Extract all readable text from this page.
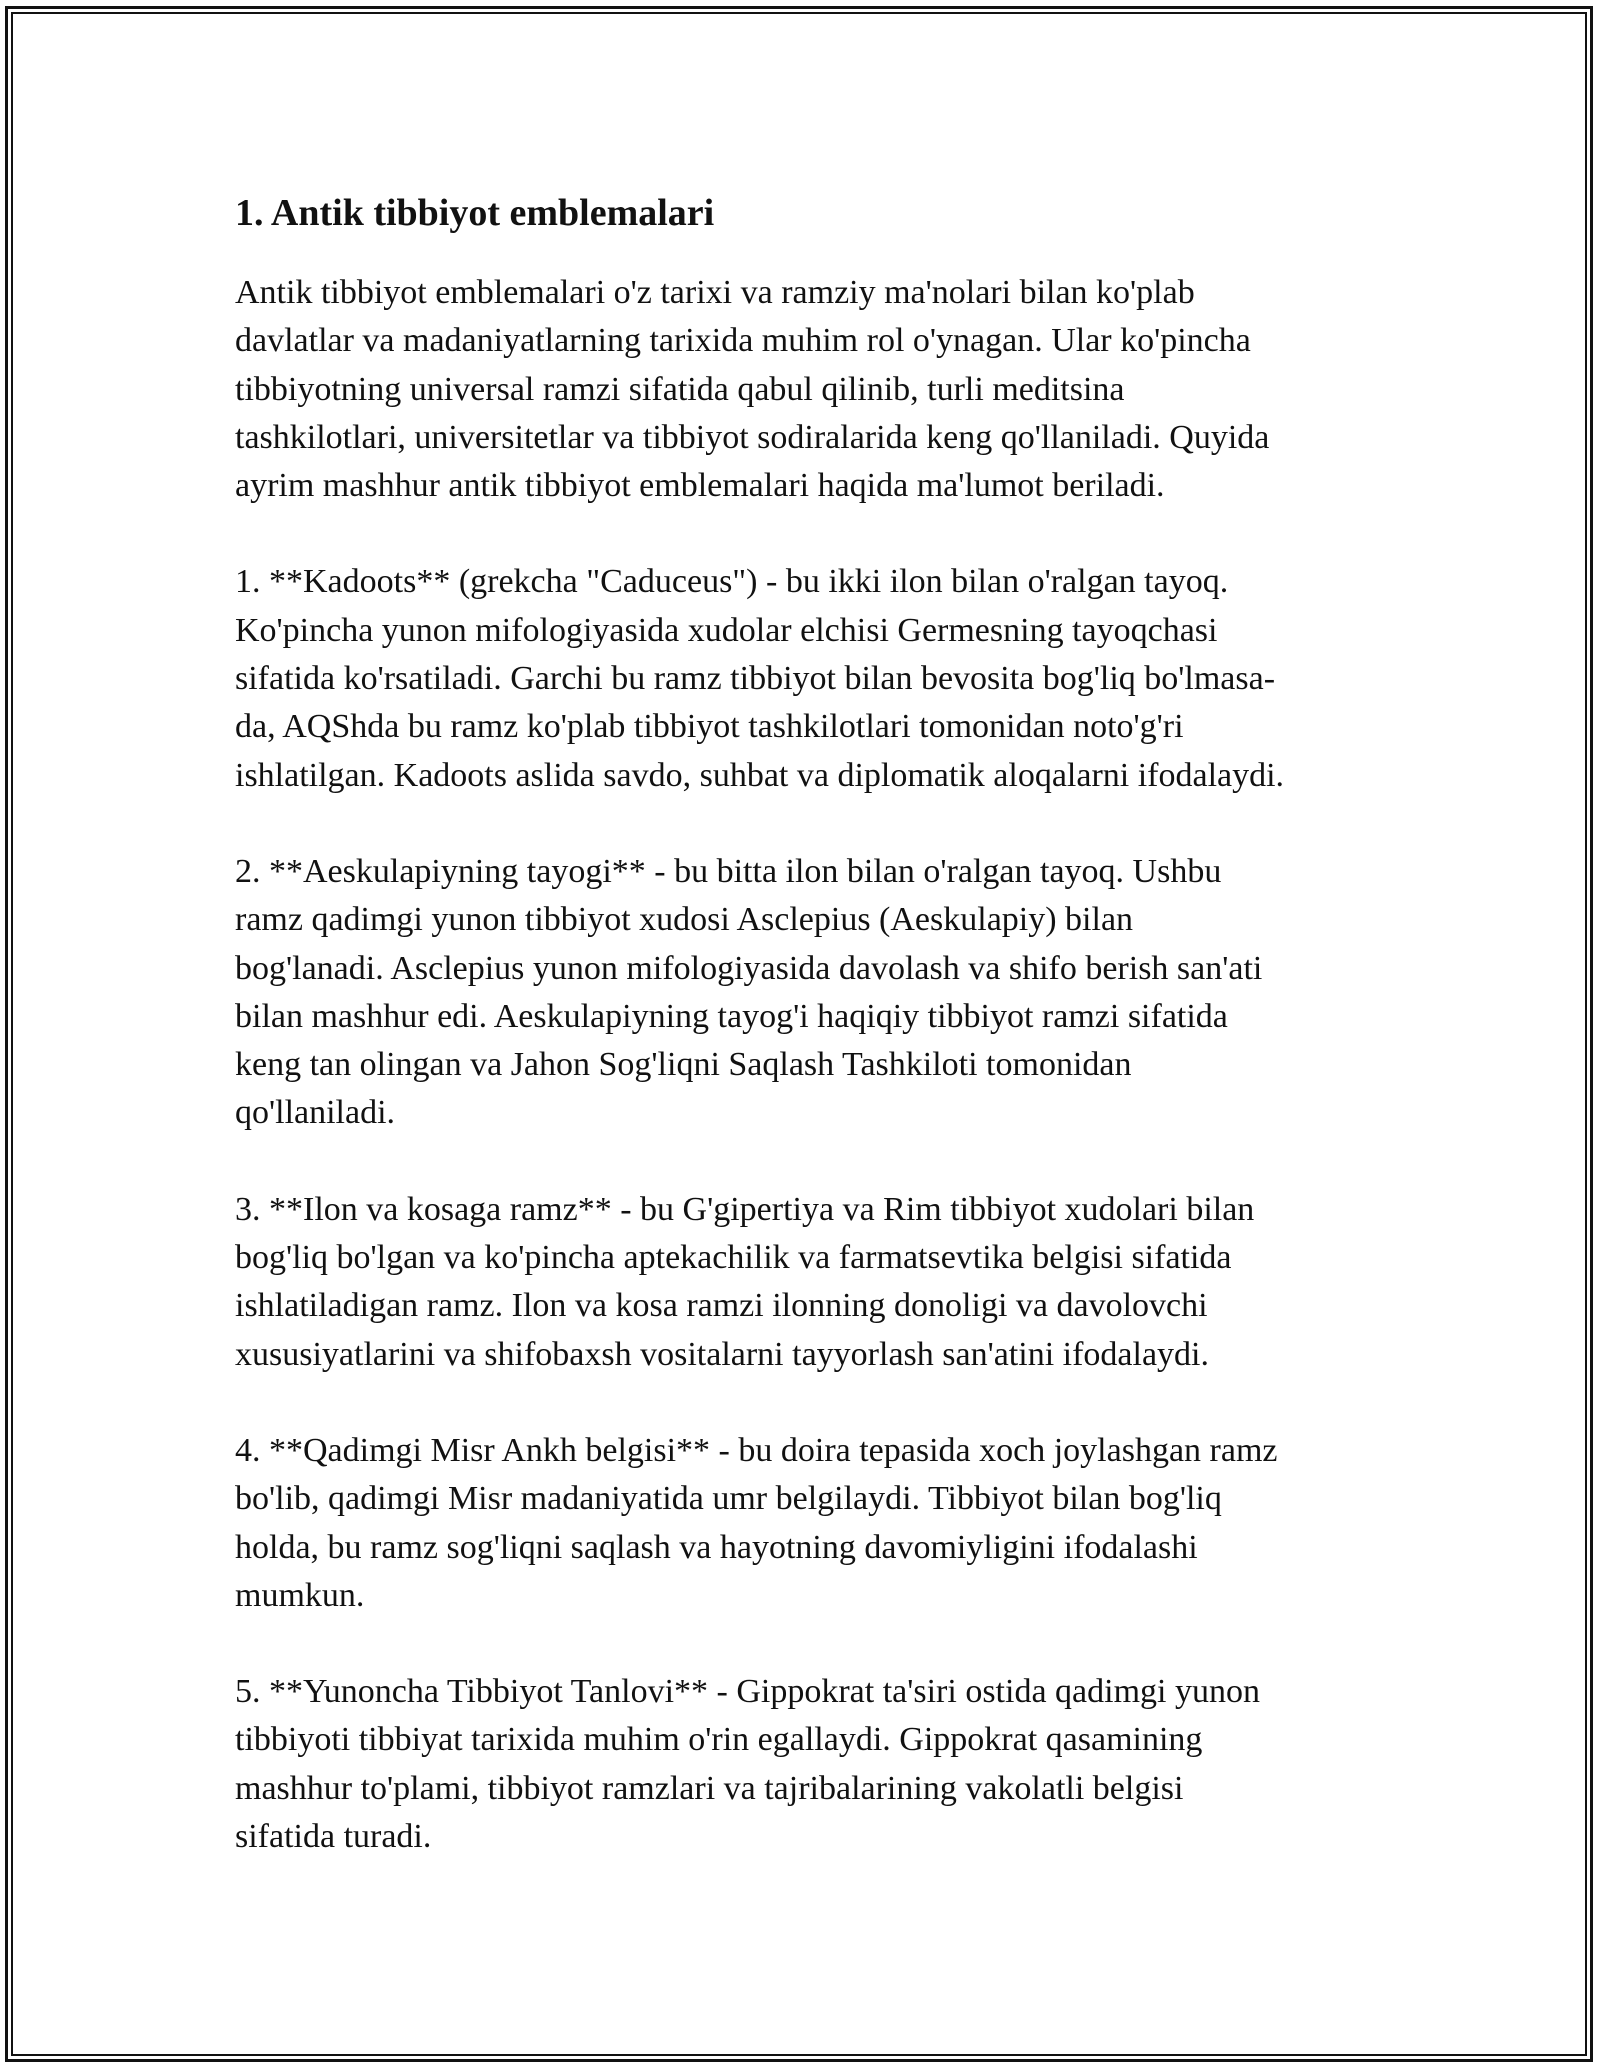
1. Antik tibbiyot emblemalari

Antik tibbiyot emblemalari o'z tarixi va ramziy ma'nolari bilan ko'plab
davlatlar va madaniyatlarning tarixida muhim rol o'ynagan. Ular ko'pincha
tibbiyotning universal ramzi sifatida qabul qilinib, turli meditsina
tashkilotlari, universitetlar va tibbiyot sodiralarida keng qo'llaniladi. Quyida
ayrim mashhur antik tibbiyot emblemalari haqida ma'lumot beriladi.

1. **Kadoots** (grekcha "Caduceus") - bu ikki ilon bilan o'ralgan tayoq.
Ko'pincha yunon mifologiyasida xudolar elchisi Germesning tayoqchasi
sifatida ko'rsatiladi. Garchi bu ramz tibbiyot bilan bevosita bog'liq bo'lmasa-
da, AQShda bu ramz ko'plab tibbiyot tashkilotlari tomonidan noto'g'ri
ishlatilgan. Kadoots aslida savdo, suhbat va diplomatik aloqalarni ifodalaydi.

2. **Aeskulapiyning tayogi** - bu bitta ilon bilan o'ralgan tayoq. Ushbu
ramz qadimgi yunon tibbiyot xudosi Asclepius (Aeskulapiy) bilan
bog'lanadi. Asclepius yunon mifologiyasida davolash va shifo berish san'ati
bilan mashhur edi. Aeskulapiyning tayog'i haqiqiy tibbiyot ramzi sifatida
keng tan olingan va Jahon Sog'liqni Saqlash Tashkiloti tomonidan
qo'llaniladi.

3. **Ilon va kosaga ramz** - bu G'gipertiya va Rim tibbiyot xudolari bilan
bog'liq bo'lgan va ko'pincha aptekachilik va farmatsevtika belgisi sifatida
ishlatiladigan ramz. Ilon va kosa ramzi ilonning donoligi va davolovchi
xususiyatlarini va shifobaxsh vositalarni tayyorlash san'atini ifodalaydi.

4. **Qadimgi Misr Ankh belgisi** - bu doira tepasida xoch joylashgan ramz
bo'lib, qadimgi Misr madaniyatida umr belgilaydi. Tibbiyot bilan bog'liq
holda, bu ramz sog'liqni saqlash va hayotning davomiyligini ifodalashi
mumkun.

5. **Yunoncha Tibbiyot Tanlovi** - Gippokrat ta'siri ostida qadimgi yunon
tibbiyoti tibbiyat tarixida muhim o'rin egallaydi. Gippokrat qasamining
mashhur to'plami, tibbiyot ramzlari va tajribalarining vakolatli belgisi
sifatida turadi.
